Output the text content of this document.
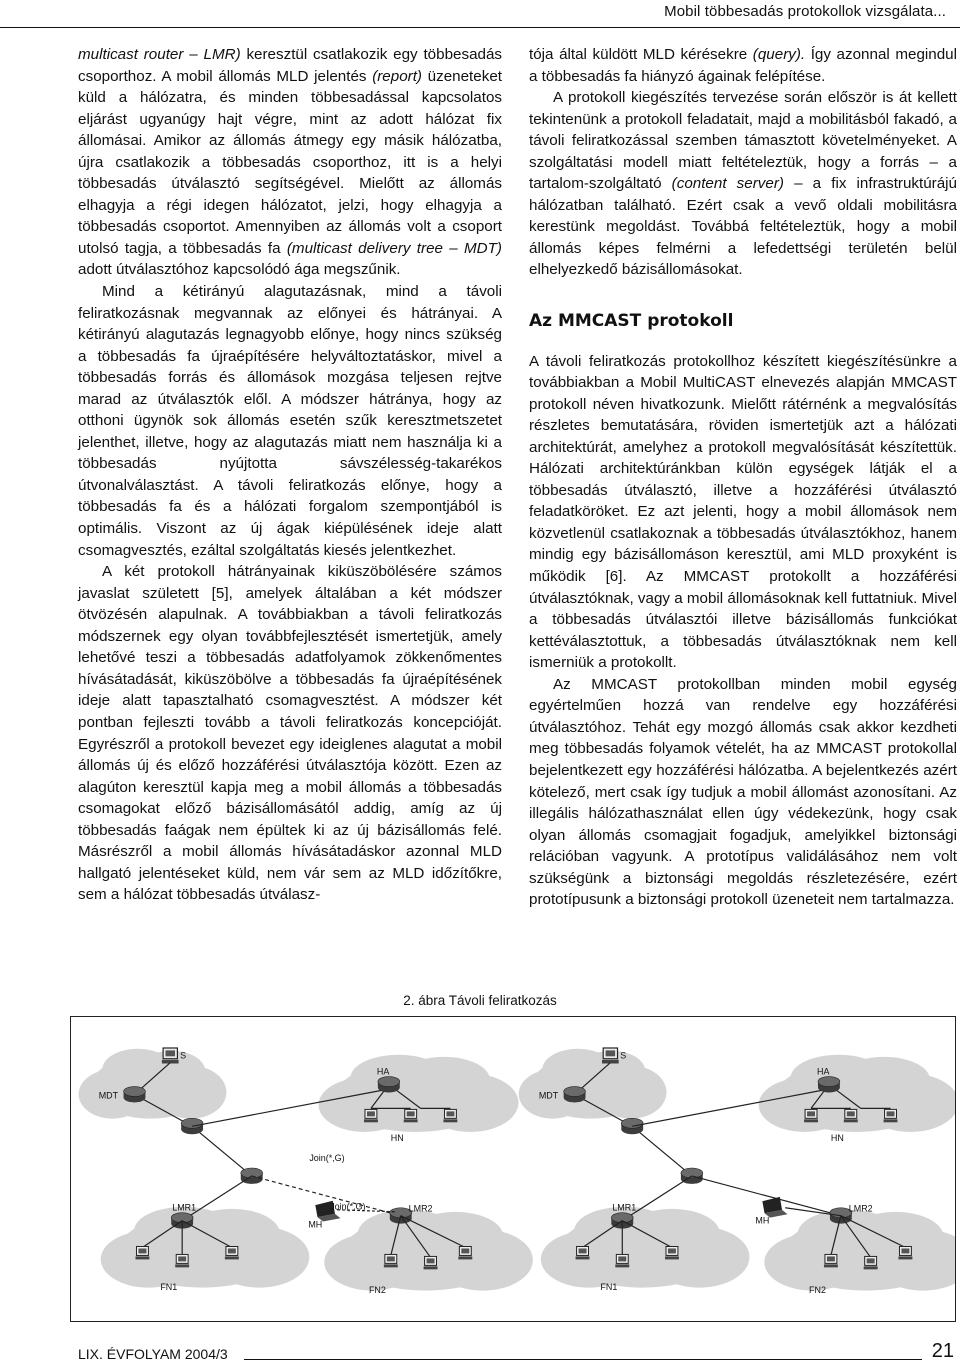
Mobil többesadás protokollok vizsgálata...

multicast router – LMR) keresztül csatlakozik egy többesadás csoporthoz. A mobil állomás MLD jelentés (report) üzeneteket küld a hálózatra, és minden többesadással kapcsolatos eljárást ugyanúgy hajt végre, mint az adott hálózat fix állomásai. Amikor az állomás átmegy egy másik hálózatba, újra csatlakozik a többesadás csoporthoz, itt is a helyi többesadás útválasztó segítségével. Mielőtt az állomás elhagyja a régi idegen hálózatot, jelzi, hogy elhagyja a többesadás csoportot. Amennyiben az állomás volt a csoport utolsó tagja, a többesadás fa (multicast delivery tree – MDT) adott útválasztóhoz kapcsolódó ága megszűnik.

Mind a kétirányú alagutazásnak, mind a távoli feliratkozásnak megvannak az előnyei és hátrányai. A kétirányú alagutazás legnagyobb előnye, hogy nincs szükség a többesadás fa újraépítésére helyváltoztatáskor, mivel a többesadás forrás és állomások mozgása teljesen rejtve marad az útválasztók elől. A módszer hátránya, hogy az otthoni ügynök sok állomás esetén szűk keresztmetszetet jelenthet, illetve, hogy az alagutazás miatt nem használja ki a többesadás nyújtotta sávszélesség-takarékos útvonalválasztást. A távoli feliratkozás előnye, hogy a többesadás fa és a hálózati forgalom szempontjából is optimális. Viszont az új ágak kiépülésének ideje alatt csomagvesztés, ezáltal szolgáltatás kiesés jelentkezhet.

A két protokoll hátrányainak kiküszöbölésére számos javaslat született [5], amelyek általában a két módszer ötvözésén alapulnak. A továbbiakban a távoli feliratkozás módszernek egy olyan továbbfejlesztését ismertetjük, amely lehetővé teszi a többesadás adatfolyamok zökkenőmentes hívásátadását, kiküszöbölve a többesadás fa újraépítésének ideje alatt tapasztalható csomagvesztést. A módszer két pontban fejleszti tovább a távoli feliratkozás koncepcióját. Egyrészről a protokoll bevezet egy ideiglenes alagutat a mobil állomás új és előző hozzáférési útválasztója között. Ezen az alagúton keresztül kapja meg a mobil állomás a többesadás csomagokat előző bázisállomásától addig, amíg az új többesadás faágak nem épültek ki az új bázisállomás felé. Másrészről a mobil állomás hívásátadáskor azonnal MLD hallgató jelentéseket küld, nem vár sem az MLD időzítőkre, sem a hálózat többesadás útválasz-

tója által küldött MLD kérésekre (query). Így azonnal megindul a többesadás fa hiányzó ágainak felépítése.

A protokoll kiegészítés tervezése során először is át kellett tekintenünk a protokoll feladatait, majd a mobilitásból fakadó, a távoli feliratkozással szemben támasztott követelményeket. A szolgáltatási modell miatt feltételeztük, hogy a forrás – a tartalom-szolgáltató (content server) – a fix infrastruktúrájú hálózatban található. Ezért csak a vevő oldali mobilitásra kerestünk megoldást. Továbbá feltételeztük, hogy a mobil állomás képes felmérni a lefedettségi területén belül elhelyezkedő bázisállomásokat.

Az MMCAST protokoll

A távoli feliratkozás protokollhoz készített kiegészítésünkre a továbbiakban a Mobil MultiCAST elnevezés alapján MMCAST protokoll néven hivatkozunk. Mielőtt rátérnénk a megvalósítás részletes bemutatására, röviden ismertetjük azt a hálózati architektúrát, amelyhez a protokoll megvalósítását készítettük. Hálózati architektúránkban külön egységek látják el a többesadás útválasztó, illetve a hozzáférési útválasztó feladatköröket. Ez azt jelenti, hogy a mobil állomások nem közvetlenül csatlakoznak a többesadás útválasztókhoz, hanem mindig egy bázisállomáson keresztül, ami MLD proxyként is működik [6]. Az MMCAST protokollt a hozzáférési útválasztóknak, vagy a mobil állomásoknak kell futtatniuk. Mivel a többesadás útválasztói illetve bázisállomás funkciókat kettéválasztottuk, a többesadás útválasztóknak nem kell ismerniük a protokollt.

Az MMCAST protokollban minden mobil egység egyértelműen hozzá van rendelve egy hozzáférési útválasztóhoz. Tehát egy mozgó állomás csak akkor kezdheti meg többesadás folyamok vételét, ha az MMCAST protokollal bejelentkezett egy hozzáférési hálózatba. A bejelentkezés azért kötelező, mert csak így tudjuk a mobil állomást azonosítani. Az illegális hálózathasználat ellen úgy védekezünk, hogy csak olyan állomás csomagjait fogadjuk, amelyikkel biztonsági relációban vagyunk. A prototípus validálásához nem volt szükségünk a biztonsági megoldás részletezésére, ezért prototípusunk a biztonsági protokoll üzeneteit nem tartalmazza.

2. ábra Távoli feliratkozás
S
MDT
HA
HN
LMR1	LMR2
FN1	FN2
MH
Join(*,G)
Join(*,G)
S
MDT
HA
HN
LMR1	LMR2
FN1	FN2
MH
LIX. ÉVFOLYAM 2004/3	21
